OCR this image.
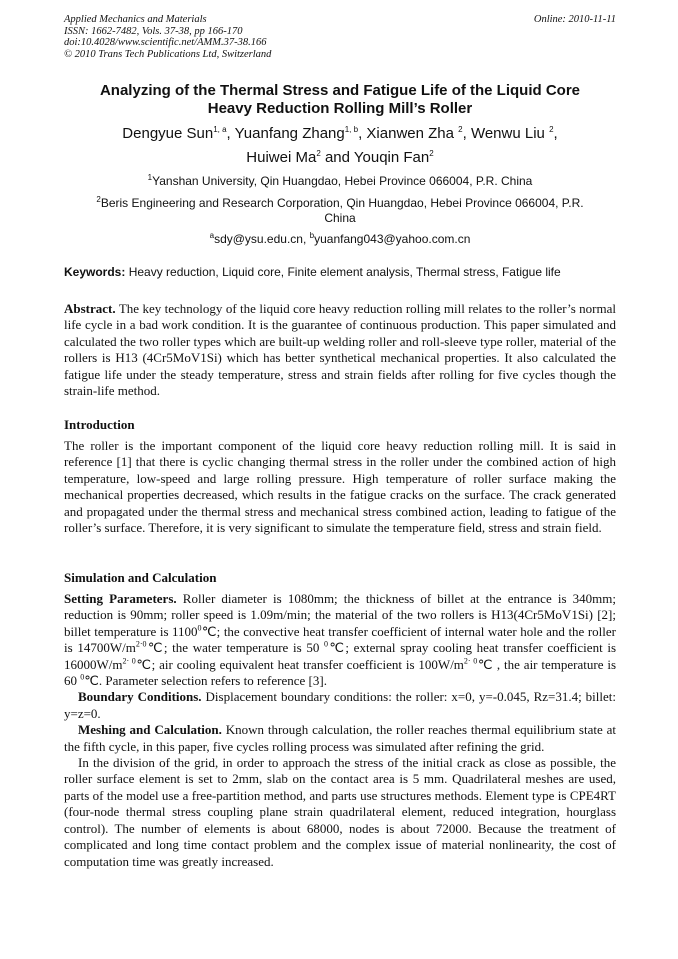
Applied Mechanics and Materials
ISSN: 1662-7482, Vols. 37-38, pp 166-170
doi:10.4028/www.scientific.net/AMM.37-38.166
© 2010 Trans Tech Publications Ltd, Switzerland
Online: 2010-11-11
Analyzing of the Thermal Stress and Fatigue Life of the Liquid Core
Heavy Reduction Rolling Mill’s Roller
Dengyue Sun$^{1, a}$, Yuanfang Zhang$^{1, b}$, Xianwen Zha $^2$, Wenwu Liu $^2$,
Huiwei Ma$^2$ and Youqin Fan$^2$
$^1$Yanshan University, Qin Huangdao, Hebei Province 066004, P.R. China
$^2$Beris Engineering and Research Corporation, Qin Huangdao, Hebei Province 066004, P.R. China
$^a$sdy@ysu.edu.cn, $^b$yuanfang043@yahoo.com.cn
Keywords: Heavy reduction, Liquid core, Finite element analysis, Thermal stress, Fatigue life
Abstract. The key technology of the liquid core heavy reduction rolling mill relates to the roller’s normal life cycle in a bad work condition. It is the guarantee of continuous production. This paper simulated and calculated the two roller types which are built-up welding roller and roll-sleeve type roller, material of the rollers is H13 (4Cr5MoV1Si) which has better synthetical mechanical properties. It also calculated the fatigue life under the steady temperature, stress and strain fields after rolling for five cycles though the strain-life method.
Introduction
The roller is the important component of the liquid core heavy reduction rolling mill. It is said in reference [1] that there is cyclic changing thermal stress in the roller under the combined action of high temperature, low-speed and large rolling pressure. High temperature of roller surface making the mechanical properties decreased, which results in the fatigue cracks on the surface. The crack generated and propagated under the thermal stress and mechanical stress combined action, leading to fatigue of the roller’s surface. Therefore, it is very significant to simulate the temperature field, stress and strain field.
Simulation and Calculation
Setting Parameters. Roller diameter is 1080mm; the thickness of billet at the entrance is 340mm; reduction is 90mm; roller speed is 1.09m/min; the material of the two rollers is H13(4Cr5MoV1Si) [2]; billet temperature is 1100$^0$℃; the convective heat transfer coefficient of internal water hole and the roller is $14700W/m^{2\cdot 0}℃$; the water temperature is 50 $^0$℃; external spray cooling heat transfer coefficient is $16000W/m^{2\cdot 0}℃$; air cooling equivalent heat transfer coefficient is $100W/m^{2\cdot 0}℃$ , the air temperature is 60 $^0$℃. Parameter selection refers to reference [3].
Boundary Conditions. Displacement boundary conditions: the roller: x=0, y=-0.045, Rz=31.4; billet: y=z=0.
Meshing and Calculation. Known through calculation, the roller reaches thermal equilibrium state at the fifth cycle, in this paper, five cycles rolling process was simulated after refining the grid.
In the division of the grid, in order to approach the stress of the initial crack as close as possible, the roller surface element is set to 2mm, slab on the contact area is 5 mm. Quadrilateral meshes are used, parts of the model use a free-partition method, and parts use structures methods. Element type is CPE4RT (four-node thermal stress coupling plane strain quadrilateral element, reduced integration, hourglass control). The number of elements is about 68000, nodes is about 72000. Because the treatment of complicated and long time contact problem and the complex issue of material nonlinearity, the cost of computation time was greatly increased.
